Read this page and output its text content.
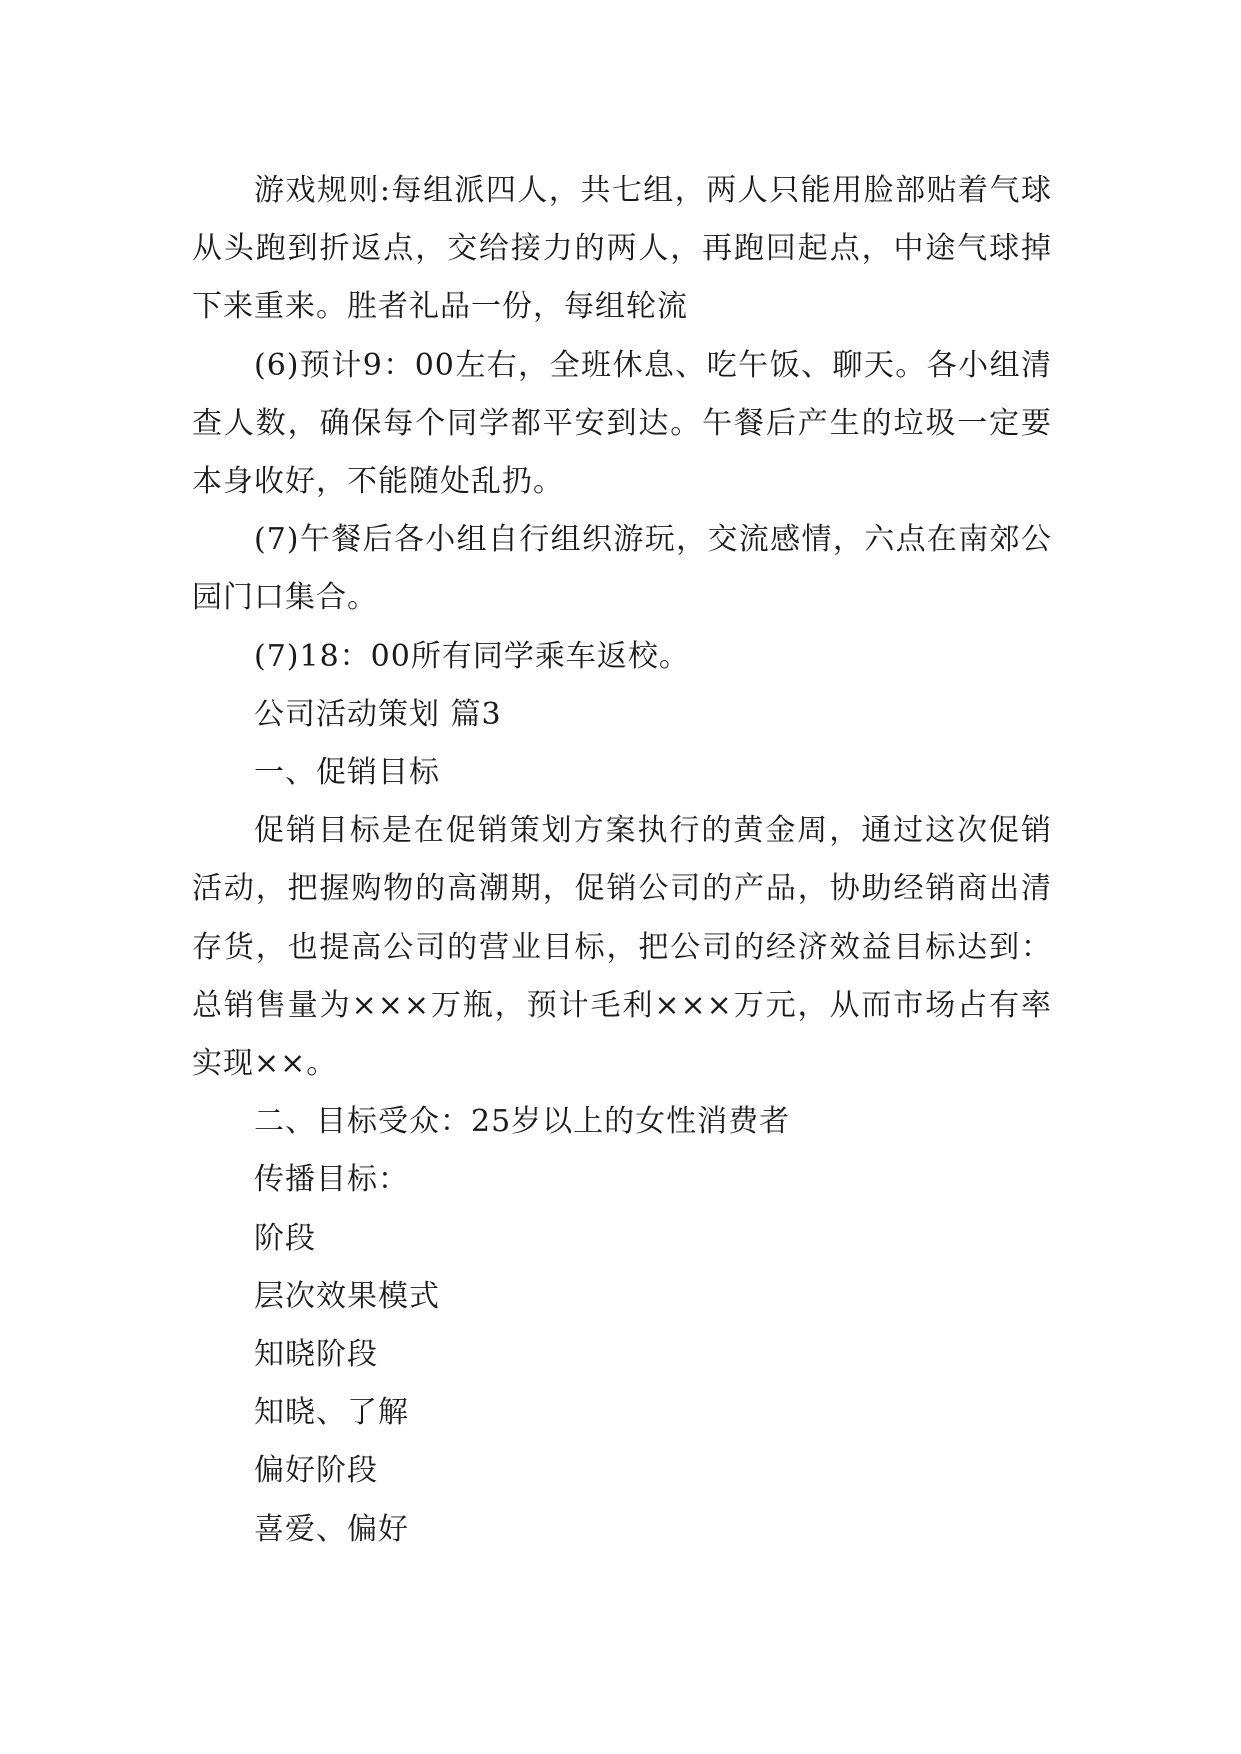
游戏规则:每组派四人，共七组，两人只能用脸部贴着气球从头跑到折返点，交给接力的两人，再跑回起点，中途气球掉下来重来。胜者礼品一份，每组轮流

(6)预计9：00左右，全班休息、吃午饭、聊天。各小组清查人数，确保每个同学都平安到达。午餐后产生的垃圾一定要本身收好，不能随处乱扔。

(7)午餐后各小组自行组织游玩，交流感情，六点在南郊公园门口集合。

(7)18：00所有同学乘车返校。

公司活动策划 篇3

一、促销目标

促销目标是在促销策划方案执行的黄金周，通过这次促销活动，把握购物的高潮期，促销公司的产品，协助经销商出清存货，也提高公司的营业目标，把公司的经济效益目标达到：总销售量为×××万瓶，预计毛利×××万元，从而市场占有率实现××。

二、目标受众：25岁以上的女性消费者

传播目标：

阶段

层次效果模式

知晓阶段

知晓、了解

偏好阶段

喜爱、偏好
